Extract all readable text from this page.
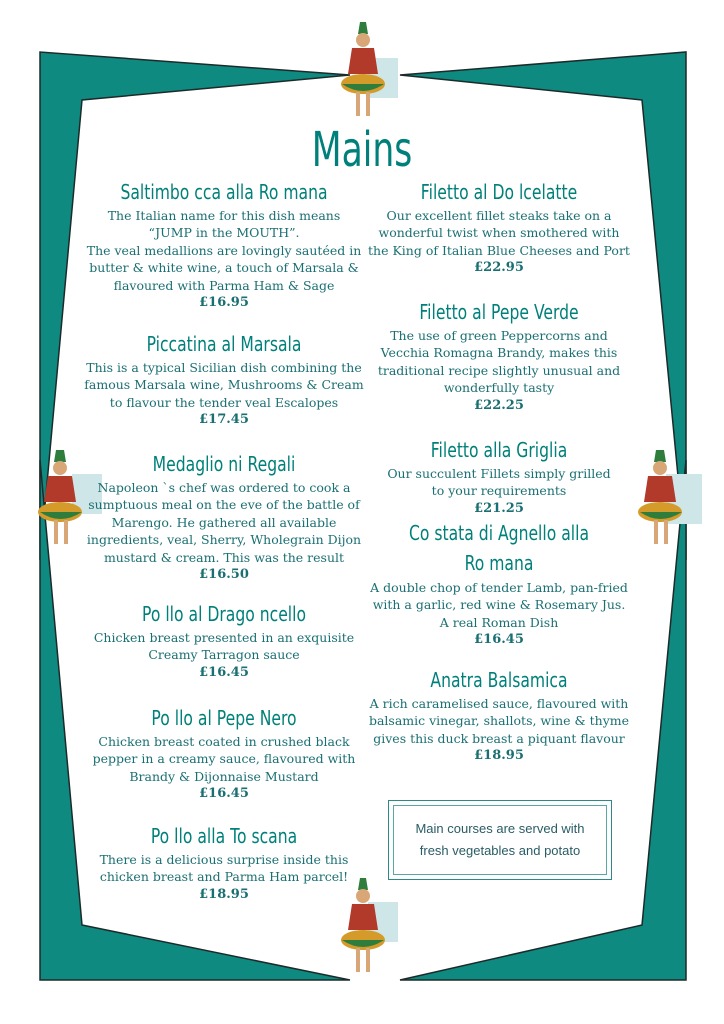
Mains
Saltimbo cca alla Ro mana
The Italian name for this dish means
“JUMP in the MOUTH”.
The veal medallions are lovingly sautéed in
butter & white wine, a touch of Marsala &
flavoured with Parma Ham & Sage
£16.95
Piccatina al Marsala
This is a typical Sicilian dish combining the
famous Marsala wine, Mushrooms & Cream
to flavour the tender veal Escalopes
£17.45
Medaglio ni Regali
Napoleon `s chef was ordered to cook a
sumptuous meal on the eve of the battle of
Marengo. He gathered all available
ingredients, veal, Sherry, Wholegrain Dijon
mustard & cream. This was the result
£16.50
Po llo al Drago ncello
Chicken breast presented in an exquisite
Creamy Tarragon sauce
£16.45
Po llo al Pepe Nero
Chicken breast coated in crushed black
pepper in a creamy sauce, flavoured with
Brandy & Dijonnaise Mustard
£16.45
Po llo alla To scana
There is a delicious surprise inside this
chicken breast and Parma Ham parcel!
£18.95
Filetto al Do lcelatte
Our excellent fillet steaks take on a
wonderful twist when smothered with
the King of Italian Blue Cheeses and Port
£22.95
Filetto al Pepe Verde
The use of green Peppercorns and
Vecchia Romagna Brandy, makes this
traditional recipe slightly unusual and
wonderfully tasty
£22.25
Filetto alla Griglia
Our succulent Fillets simply grilled
to your requirements
£21.25
Co stata di Agnello alla Ro mana
A double chop of tender Lamb, pan-fried
with a garlic, red wine & Rosemary Jus.
A real Roman Dish
£16.45
Anatra Balsamica
A rich caramelised sauce, flavoured with
balsamic vinegar, shallots, wine & thyme
gives this duck breast a piquant flavour
£18.95
Main courses are served with
fresh vegetables and potato
